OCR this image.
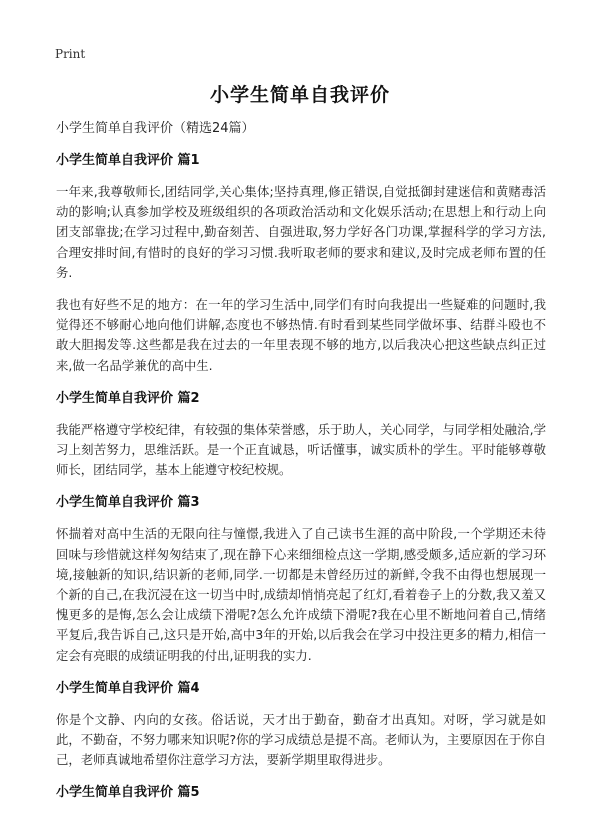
Print
小学生简单自我评价
小学生简单自我评价（精选24篇）
小学生简单自我评价 篇1

一年来,我尊敬师长,团结同学,关心集体;坚持真理,修正错误,自觉抵御封建迷信和黄赌毒活动的影响;认真参加学校及班级组织的各项政治活动和文化娱乐活动;在思想上和行动上向团支部靠拢;在学习过程中,勤奋刻苦、自强进取,努力学好各门功课,掌握科学的学习方法,合理安排时间,有惜时的良好的学习习惯.我听取老师的要求和建议,及时完成老师布置的任务.

我也有好些不足的地方：在一年的学习生活中,同学们有时向我提出一些疑难的问题时,我觉得还不够耐心地向他们讲解,态度也不够热情.有时看到某些同学做坏事、结群斗殴也不敢大胆揭发等.这些都是我在过去的一年里表现不够的地方,以后我决心把这些缺点纠正过来,做一名品学兼优的高中生.

小学生简单自我评价 篇2

我能严格遵守学校纪律，有较强的集体荣誉感，乐于助人，关心同学，与同学相处融洽,学习上刻苦努力，思维活跃。是一个正直诚恳，听话懂事，诚实质朴的学生。平时能够尊敬师长，团结同学，基本上能遵守校纪校规。

小学生简单自我评价 篇3

怀揣着对高中生活的无限向往与憧憬,我进入了自己读书生涯的高中阶段,一个学期还未待回味与珍惜就这样匆匆结束了,现在静下心来细细检点这一学期,感受颇多,适应新的学习环境,接触新的知识,结识新的老师,同学.一切都是未曾经历过的新鲜,令我不由得也想展现一个新的自己,在我沉浸在这一切当中时,成绩却悄悄亮起了红灯,看着卷子上的分数,我又羞又愧更多的是悔,怎么会让成绩下滑呢?怎么允许成绩下滑呢?我在心里不断地问着自己,情绪平复后,我告诉自己,这只是开始,高中3年的开始,以后我会在学习中投注更多的精力,相信一定会有亮眼的成绩证明我的付出,证明我的实力.

小学生简单自我评价 篇4

你是个文静、内向的女孩。俗话说，天才出于勤奋，勤奋才出真知。对呀，学习就是如此，不勤奋，不努力哪来知识呢?你的学习成绩总是提不高。老师认为，主要原因在于你自己，老师真诚地希望你注意学习方法，要新学期里取得进步。

小学生简单自我评价 篇5
